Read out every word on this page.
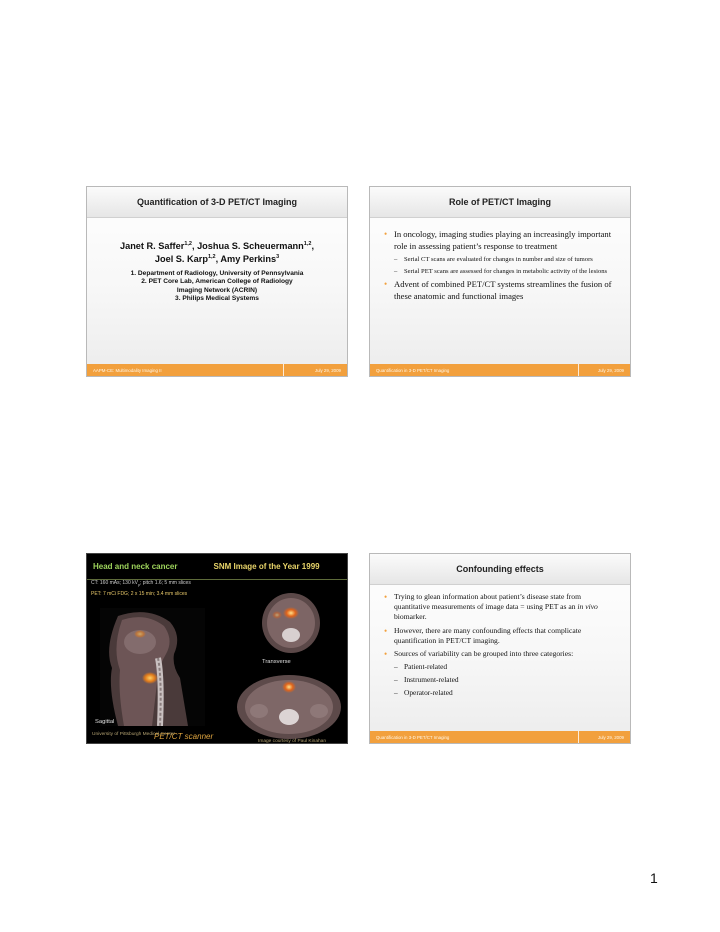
Quantification of 3-D PET/CT Imaging
Janet R. Saffer$^{1,2}$, Joshua S. Scheuermann$^{1,2}$,
Joel S. Karp$^{1,2}$, Amy Perkins$^3$
1. Department of Radiology, University of Pennsylvania
2. PET Core Lab, American College of Radiology
Imaging Network (ACRIN)
3. Philips Medical Systems
AAPM-CE: Multimodality Imaging II	July 29, 2009
Role of PET/CT Imaging
• In oncology, imaging studies playing an increasingly important role in assessing patient’s response to treatment
– Serial CT scans are evaluated for changes in number and size of tumors
– Serial PET scans are assessed for changes in metabolic activity of the lesions
• Advent of combined PET/CT systems streamlines the fusion of these anatomic and functional images
Quantification in 3-D PET/CT Imaging	July 29, 2009
Head and neck cancer	SNM Image of the Year 1999
CT: 160 mAs; 130 $kV_p$; pitch 1.6; 5 mm slices
PET: 7 mCi FDG; 2 x 15 min; 3.4 mm slices
Transverse
Sagittal
PET/CT scanner
University of Pittsburgh Medical Center
Image courtesy of Paul Kinahan
Confounding effects
• Trying to glean information about patient’s disease state from quantitative measurements of image data = using PET as an in vivo biomarker.
• However, there are many confounding effects that complicate quantification in PET/CT imaging.
• Sources of variability can be grouped into three categories:
– Patient-related
– Instrument-related
– Operator-related
Quantification in 3-D PET/CT Imaging	July 29, 2009
1
